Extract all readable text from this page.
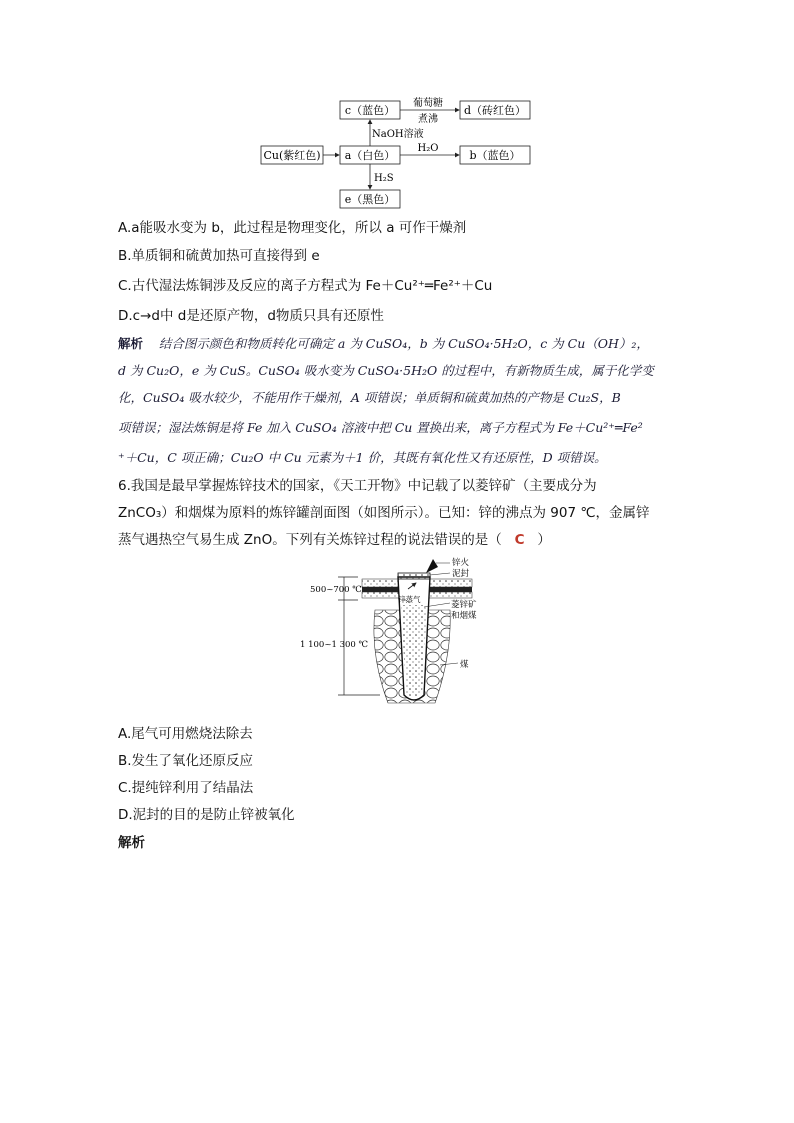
c（蓝色）	d（砖红色）
Cu(紫红色) a（白色）	b（蓝色）
e（黑色）
葡萄糖
煮沸
H₂O
NaOH溶液
H₂S
A.a能吸水变为 b，此过程是物理变化，所以 a 可作干燥剂
B.单质铜和硫黄加热可直接得到 e
C.古代湿法炼铜涉及反应的离子方程式为 Fe＋Cu²⁺═Fe²⁺＋Cu
D.c→d中 d是还原产物，d物质只具有还原性
解析 结合图示颜色和物质转化可确定 a 为 CuSO₄，b 为 CuSO₄·5H₂O，c 为 Cu（OH）₂，
d 为 Cu₂O，e 为 CuS。CuSO₄ 吸水变为 CuSO₄·5H₂O 的过程中，有新物质生成，属于化学变
化，CuSO₄ 吸水较少，不能用作干燥剂，A 项错误；单质铜和硫黄加热的产物是 Cu₂S，B
项错误；湿法炼铜是将 Fe 加入 CuSO₄ 溶液中把 Cu 置换出来，离子方程式为 Fe＋Cu²⁺═Fe²
⁺＋Cu，C 项正确；Cu₂O 中 Cu 元素为＋1 价，其既有氧化性又有还原性，D 项错误。
6.我国是最早掌握炼锌技术的国家，《天工开物》中记载了以菱锌矿（主要成分为
ZnCO₃）和烟煤为原料的炼锌罐剖面图（如图所示）。已知：锌的沸点为 907 ℃，金属锌
蒸气遇热空气易生成 ZnO。下列有关炼锌过程的说法错误的是（ C ）
500~700 ℃
1 100~1 300 ℃
锌火
泥封
菱锌矿
和烟煤
锌蒸气
煤
A.尾气可用燃烧法除去
B.发生了氧化还原反应
C.提纯锌利用了结晶法
D.泥封的目的是防止锌被氧化
解析
